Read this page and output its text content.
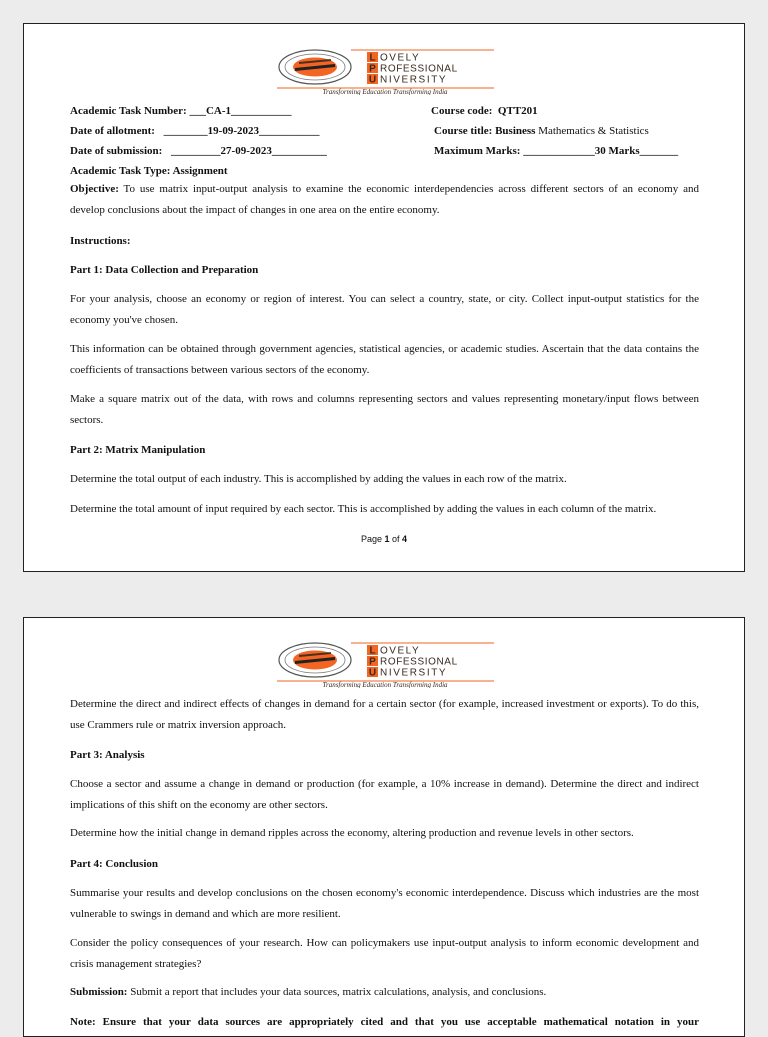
L
P
U
OVELY
ROFESSIONAL
NIVERSITY
Transforming Education Transforming India
Academic Task Number: ___CA-1___________
Date of allotment: ________19-09-2023___________
Date of submission: _________27-09-2023__________
Academic Task Type: Assignment
Course code: QTT201
Course title: Business Mathematics & Statistics
Maximum Marks: _____________30 Marks_______

Objective: To use matrix input-output analysis to examine the economic interdependencies across different sectors of an economy and develop conclusions about the impact of changes in one area on the entire economy.

Instructions:
Part 1: Data Collection and Preparation

For your analysis, choose an economy or region of interest. You can select a country, state, or city. Collect input-output statistics for the economy you've chosen.

This information can be obtained through government agencies, statistical agencies, or academic studies. Ascertain that the data contains the coefficients of transactions between various sectors of the economy.

Make a square matrix out of the data, with rows and columns representing sectors and values representing monetary/input flows between sectors.

Part 2: Matrix Manipulation

Determine the total output of each industry. This is accomplished by adding the values in each row of the matrix.

Determine the total amount of input required by each sector. This is accomplished by adding the values in each column of the matrix.

Page 1 of 4
L
P
U
OVELY
ROFESSIONAL
NIVERSITY
Transforming Education Transforming India

Determine the direct and indirect effects of changes in demand for a certain sector (for example, increased investment or exports). To do this, use Crammers rule or matrix inversion approach.

Part 3: Analysis

Choose a sector and assume a change in demand or production (for example, a 10% increase in demand). Determine the direct and indirect implications of this shift on the economy are other sectors.

Determine how the initial change in demand ripples across the economy, altering production and revenue levels in other sectors.

Part 4: Conclusion

Summarise your results and develop conclusions on the chosen economy's economic interdependence. Discuss which industries are the most vulnerable to swings in demand and which are more resilient.

Consider the policy consequences of your research. How can policymakers use input-output analysis to inform economic development and crisis management strategies?

Submission: Submit a report that includes your data sources, matrix calculations, analysis, and conclusions.

Note: Ensure that your data sources are appropriately cited and that you use acceptable mathematical notation in your
